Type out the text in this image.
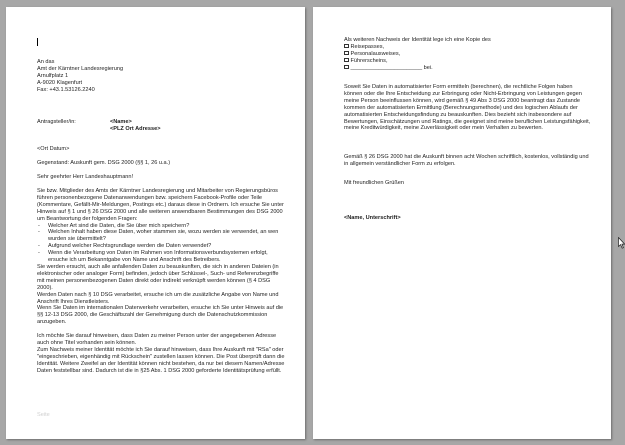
An das
Amt der Kärntner Landesregierung
Arnulfplatz 1
A-9020 Klagenfurt
Fax: +43.1.53126.2240
Antragsteller/in:	<Name>
<PLZ Ort Adresse>
<Ort Datum>
Gegenstand: Auskunft gem. DSG 2000 (§§ 1, 26 u.a.)
Sehr geehrter Herr Landeshauptmann!
Sie bzw. Mitglieder des Amts der Kärntner Landesregierung und Mitarbeiter von Regierungsbüros führen personenbezogene Datenanwendungen bzw. speichern Facebook-Profile oder Teile (Kommentare, Gefällt-Mir-Meldungen, Postings etc.) daraus diese in Ordnern. Ich ersuche Sie unter Hinweis auf § 1 und § 26 DSG 2000 und alle weiteren anwendbaren Bestimmungen des DSG 2000 um Beantwortung der folgenden Fragen:
- Welcher Art sind die Daten, die Sie über mich speichern?
- Welchen Inhalt haben diese Daten, woher stammen sie, wozu werden sie verwendet, an wen wurden sie übermittelt?
- Aufgrund welcher Rechtsgrundlage werden die Daten verwendet?
- Wenn die Verarbeitung von Daten im Rahmen von Informationsverbundsystemen erfolgt, ersuche ich um Bekanntgabe von Name und Anschrift des Betreibers.
Sie werden ersucht, auch alle anfallenden Daten zu beauskunften, die sich in anderen Dateien (in elektronischer oder analoger Form) befinden, jedoch über Schlüssel-, Such- und Referenzbegriffe mit meinen personenbezogenen Daten direkt oder indirekt verknüpft werden können (§ 4 DSG 2000).
Werden Daten nach § 10 DSG verarbeitet, ersuche ich um die zusätzliche Angabe von Name und Anschrift Ihres Dienstleisters.
Wenn Sie Daten im internationalen Datenverkehr verarbeiten, ersuche ich Sie unter Hinweis auf die §§ 12-13 DSG 2000, die Geschäftszahl der Genehmigung durch die Datenschutzkommission anzugeben.
Ich möchte Sie darauf hinweisen, dass Daten zu meiner Person unter der angegebenen Adresse auch ohne Titel vorhanden sein können.
Zum Nachweis meiner Identität möchte ich Sie darauf hinweisen, dass Ihre Auskunft mit "RSa" oder "eingeschrieben, eigenhändig mit Rückschein" zustellen lassen können. Die Post überprüft dann die Identität. Weitere Zweifel an der Identität können nicht bestehen, da nur bei diesem Namen/Adresse Daten feststellbar sind. Dadurch ist die in §25 Abs. 1 DSG 2000 geforderte Identitätsprüfung erfüllt.
Seite
Als weiteren Nachweis der Identität lege ich eine Kopie des
Reisepasses,
Personalausweises,
Führerscheins,
_______________________ bei.
Soweit Sie Daten in automatisierter Form ermitteln (berechnen), die rechtliche Folgen haben können oder die Ihre Entscheidung zur Erbringung oder Nicht-Erbringung von Leistungen gegen meine Person beeinflussen können, wird gemäß § 49 Abs 3 DSG 2000 beantragt das Zustande kommen der automatisierten Ermittlung (Berechnungsmethode) und des logischen Ablaufs der automatisierten Entscheidungsfindung zu beauskunften. Dies bezieht sich insbesondere auf Bewertungen, Einschätzungen und Ratings, die geeignet sind meine beruflichen Leistungsfähigkeit, meine Kreditwürdigkeit, meine Zuverlässigkeit oder mein Verhalten zu bewerten.
Gemäß § 26 DSG 2000 hat die Auskunft binnen acht Wochen schriftlich, kostenlos, vollständig und in allgemein verständlicher Form zu erfolgen.
Mit freundlichen Grüßen
<Name, Unterschrift>
